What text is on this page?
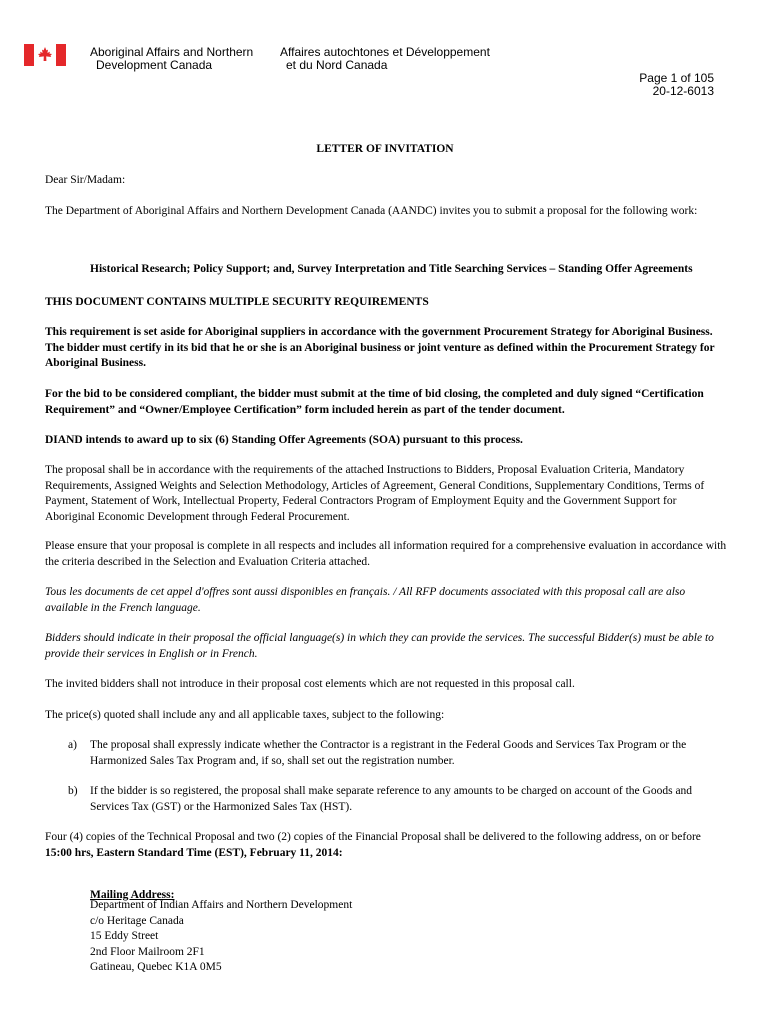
Aboriginal Affairs and Northern
Development Canada
Affaires autochtones et Développement
et du Nord Canada
Page 1 of 105
20-12-6013
LETTER OF INVITATION

Dear Sir/Madam:

The Department of Aboriginal Affairs and Northern Development Canada (AANDC) invites you to submit a proposal for the following work:

Historical Research; Policy Support; and, Survey Interpretation and Title Searching Services – Standing Offer Agreements

THIS DOCUMENT CONTAINS MULTIPLE SECURITY REQUIREMENTS

This requirement is set aside for Aboriginal suppliers in accordance with the government Procurement Strategy for Aboriginal Business. The bidder must certify in its bid that he or she is an Aboriginal business or joint venture as defined within the Procurement Strategy for Aboriginal Business.

For the bid to be considered compliant, the bidder must submit at the time of bid closing, the completed and duly signed “Certification Requirement” and “Owner/Employee Certification” form included herein as part of the tender document.

DIAND intends to award up to six (6) Standing Offer Agreements (SOA) pursuant to this process.

The proposal shall be in accordance with the requirements of the attached Instructions to Bidders, Proposal Evaluation Criteria, Mandatory Requirements, Assigned Weights and Selection Methodology, Articles of Agreement, General Conditions, Supplementary Conditions, Terms of Payment, Statement of Work, Intellectual Property, Federal Contractors Program of Employment Equity and the Government Support for Aboriginal Economic Development through Federal Procurement.

Please ensure that your proposal is complete in all respects and includes all information required for a comprehensive evaluation in accordance with the criteria described in the Selection and Evaluation Criteria attached.

Tous les documents de cet appel d'offres sont aussi disponibles en français. / All RFP documents associated with this proposal call are also available in the French language.

Bidders should indicate in their proposal the official language(s) in which they can provide the services. The successful Bidder(s) must be able to provide their services in English or in French.

The invited bidders shall not introduce in their proposal cost elements which are not requested in this proposal call.

The price(s) quoted shall include any and all applicable taxes, subject to the following:

a) The proposal shall expressly indicate whether the Contractor is a registrant in the Federal Goods and Services Tax Program or the Harmonized Sales Tax Program and, if so, shall set out the registration number.

b) If the bidder is so registered, the proposal shall make separate reference to any amounts to be charged on account of the Goods and Services Tax (GST) or the Harmonized Sales Tax (HST).

Four (4) copies of the Technical Proposal and two (2) copies of the Financial Proposal shall be delivered to the following address, on or before 15:00 hrs, Eastern Standard Time (EST), February 11, 2014:

Mailing Address:

Department of Indian Affairs and Northern Development
c/o Heritage Canada
15 Eddy Street
2nd Floor Mailroom 2F1
Gatineau, Quebec K1A 0M5
